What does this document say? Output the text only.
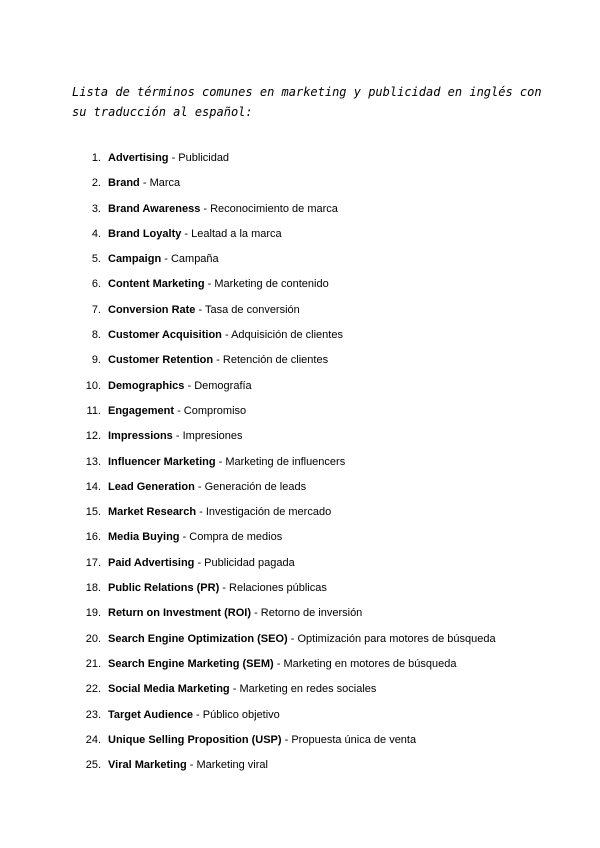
Lista de términos comunes en marketing y publicidad en inglés con su traducción al español:

1. Advertising - Publicidad
2. Brand - Marca
3. Brand Awareness - Reconocimiento de marca
4. Brand Loyalty - Lealtad a la marca
5. Campaign - Campaña
6. Content Marketing - Marketing de contenido
7. Conversion Rate - Tasa de conversión
8. Customer Acquisition - Adquisición de clientes
9. Customer Retention - Retención de clientes
10. Demographics - Demografía
11. Engagement - Compromiso
12. Impressions - Impresiones
13. Influencer Marketing - Marketing de influencers
14. Lead Generation - Generación de leads
15. Market Research - Investigación de mercado
16. Media Buying - Compra de medios
17. Paid Advertising - Publicidad pagada
18. Public Relations (PR) - Relaciones públicas
19. Return on Investment (ROI) - Retorno de inversión
20. Search Engine Optimization (SEO) - Optimización para motores de búsqueda
21. Search Engine Marketing (SEM) - Marketing en motores de búsqueda
22. Social Media Marketing - Marketing en redes sociales
23. Target Audience - Público objetivo
24. Unique Selling Proposition (USP) - Propuesta única de venta
25. Viral Marketing - Marketing viral
